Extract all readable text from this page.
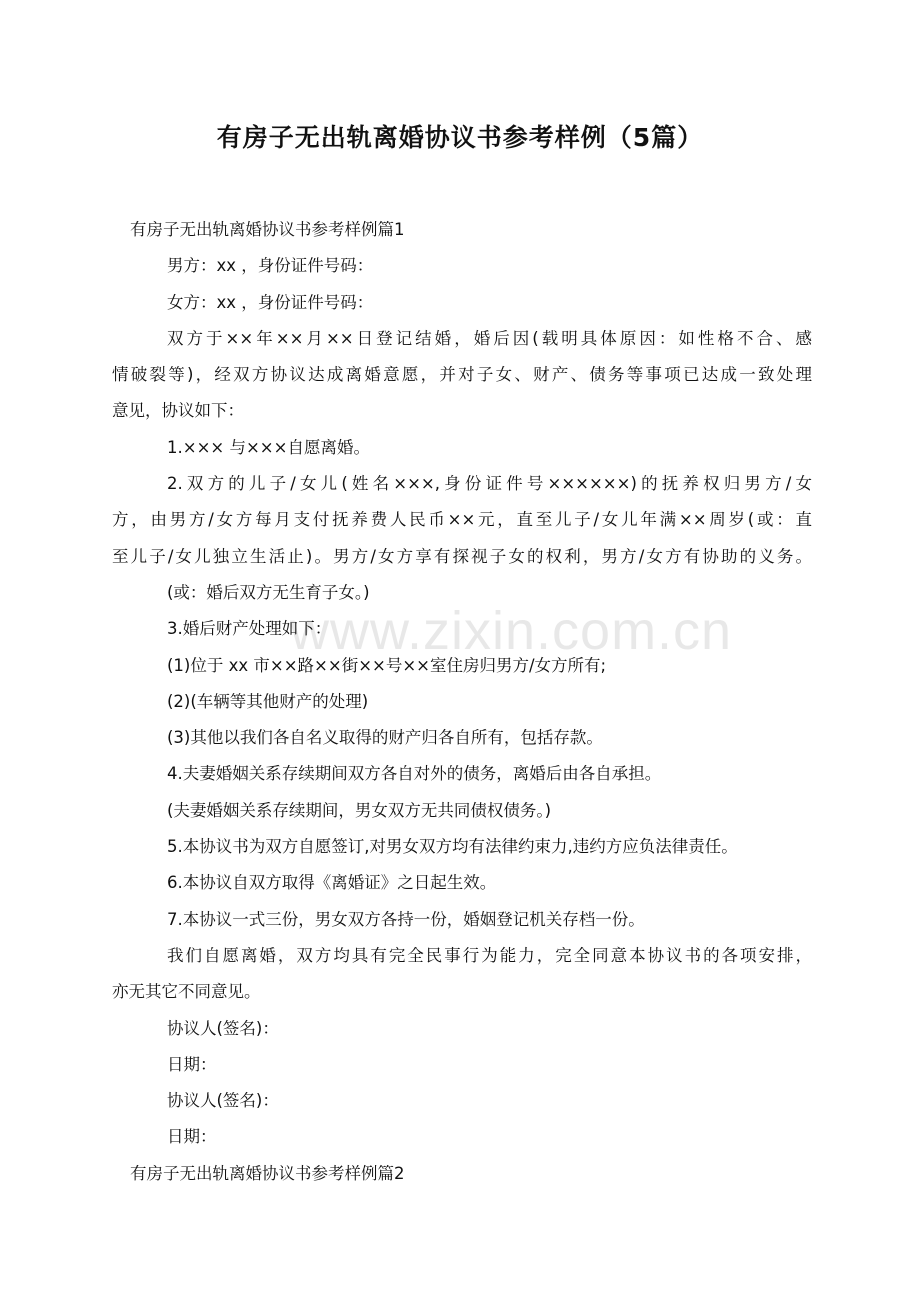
www.zixin.com.cn
有房子无出轨离婚协议书参考样例（5篇）
有房子无出轨离婚协议书参考样例篇1
男方：xx ，身份证件号码：
女方：xx ，身份证件号码：
双方于××年××月××日登记结婚，婚后因(载明具体原因：如性格不合、感
情破裂等)，经双方协议达成离婚意愿，并对子女、财产、债务等事项已达成一致处理
意见，协议如下：
1.××× 与×××自愿离婚。
2.双方的儿子/女儿(姓名×××,身份证件号××××××)的抚养权归男方/女
方，由男方/女方每月支付抚养费人民币××元，直至儿子/女儿年满××周岁(或：直
至儿子/女儿独立生活止)。男方/女方享有探视子女的权利，男方/女方有协助的义务。
(或：婚后双方无生育子女。)
3.婚后财产处理如下：
(1)位于 xx 市××路××街××号××室住房归男方/女方所有;
(2)(车辆等其他财产的处理)
(3)其他以我们各自名义取得的财产归各自所有，包括存款。
4.夫妻婚姻关系存续期间双方各自对外的债务，离婚后由各自承担。
(夫妻婚姻关系存续期间，男女双方无共同债权债务。)
5.本协议书为双方自愿签订,对男女双方均有法律约束力,违约方应负法律责任。
6.本协议自双方取得《离婚证》之日起生效。
7.本协议一式三份，男女双方各持一份，婚姻登记机关存档一份。
我们自愿离婚，双方均具有完全民事行为能力，完全同意本协议书的各项安排，
亦无其它不同意见。
协议人(签名)：
日期：
协议人(签名)：
日期：
有房子无出轨离婚协议书参考样例篇2
